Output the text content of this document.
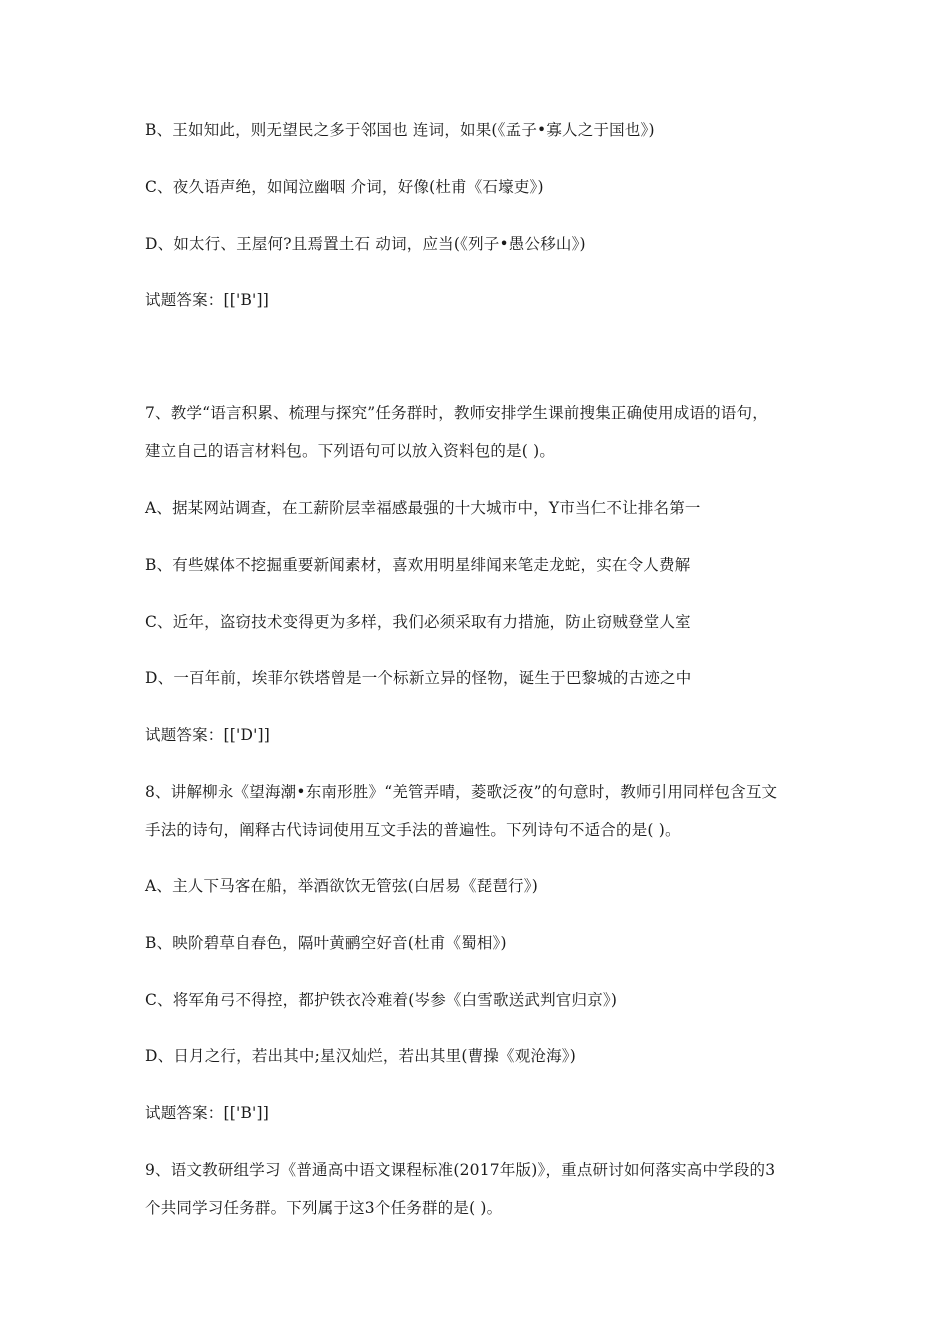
B、王如知此，则无望民之多于邻国也 连词，如果(《孟子•寡人之于国也》)
C、夜久语声绝，如闻泣幽咽 介词，好像(杜甫《石壕吏》)
D、如太行、王屋何?且焉置土石 动词，应当(《列子•愚公移山》)
试题答案：[['B']]
7、教学“语言积累、梳理与探究”任务群时，教师安排学生课前搜集正确使用成语的语句，
建立自己的语言材料包。下列语句可以放入资料包的是( )。
A、据某网站调查，在工薪阶层幸福感最强的十大城市中，Y市当仁不让排名第一
B、有些媒体不挖掘重要新闻素材，喜欢用明星绯闻来笔走龙蛇，实在令人费解
C、近年，盗窃技术变得更为多样，我们必须采取有力措施，防止窃贼登堂人室
D、一百年前，埃菲尔铁塔曾是一个标新立异的怪物，诞生于巴黎城的古迹之中
试题答案：[['D']]
8、讲解柳永《望海潮•东南形胜》“羌管弄晴，菱歌泛夜”的句意时，教师引用同样包含互文
手法的诗句，阐释古代诗词使用互文手法的普遍性。下列诗句不适合的是( )。
A、主人下马客在船，举酒欲饮无管弦(白居易《琵琶行》)
B、映阶碧草自春色，隔叶黄鹂空好音(杜甫《蜀相》)
C、将军角弓不得控，都护铁衣冷难着(岑参《白雪歌送武判官归京》)
D、日月之行，若出其中;星汉灿烂，若出其里(曹操《观沧海》)
试题答案：[['B']]
9、语文教研组学习《普通高中语文课程标准(2017年版)》，重点研讨如何落实高中学段的3
个共同学习任务群。下列属于这3个任务群的是( )。
